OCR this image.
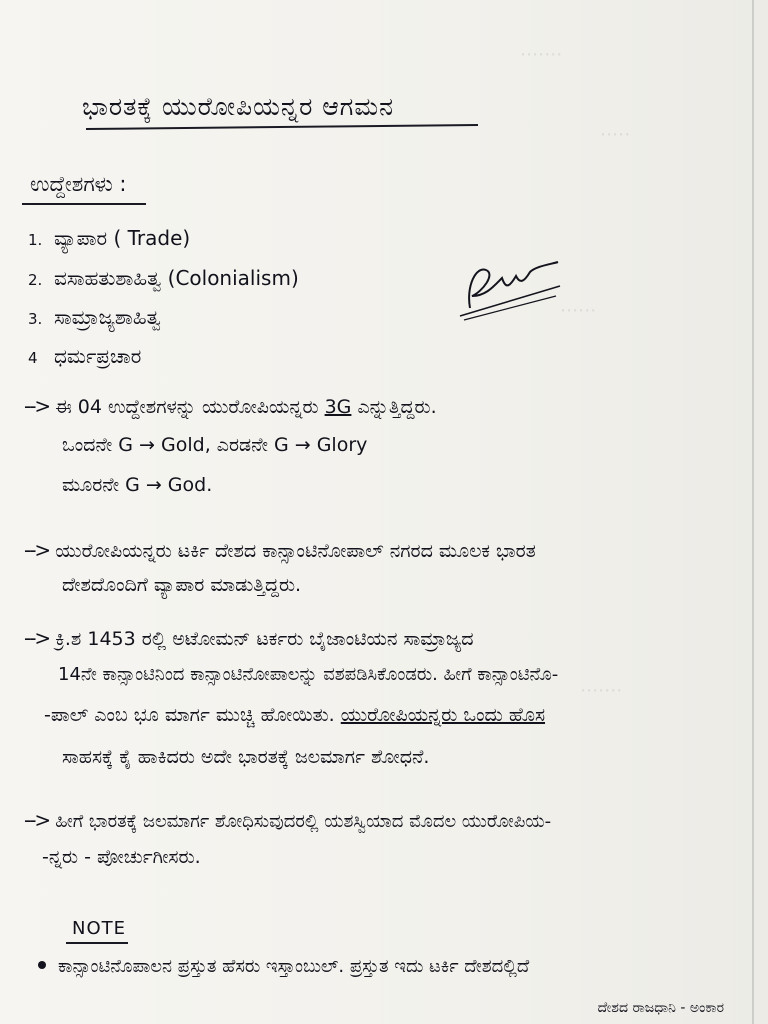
·······
·····
······
·······
ಭಾರತಕ್ಕೆ ಯುರೋಪಿಯನ್ನರ ಆಗಮನ
ಉದ್ದೇಶಗಳು :
1. ವ್ಯಾಪಾರ ( Trade)
2. ವಸಾಹತುಶಾಹಿತ್ವ (Colonialism)
3. ಸಾಮ್ರಾಜ್ಯಶಾಹಿತ್ವ
4 ಧರ್ಮಪ್ರಚಾರ
--> ಈ 04 ಉದ್ದೇಶಗಳನ್ನು ಯುರೋಪಿಯನ್ನರು 3G ಎನ್ನುತ್ತಿದ್ದರು.
ಒಂದನೇ G → Gold, ಎರಡನೇ G → Glory
ಮೂರನೇ G → God.
--> ಯುರೋಪಿಯನ್ನರು ಟರ್ಕಿ ದೇಶದ ಕಾನ್ಸಾಂಟಿನೋಪಾಲ್ ನಗರದ ಮೂಲಕ ಭಾರತ
ದೇಶದೊಂದಿಗೆ ವ್ಯಾಪಾರ ಮಾಡುತ್ತಿದ್ದರು.
--> ಕ್ರಿ.ಶ 1453 ರಲ್ಲಿ ಅಟೋಮನ್ ಟರ್ಕರು ಬೈಜಾಂಟಿಯನ ಸಾಮ್ರಾಜ್ಯದ
14ನೇ ಕಾನ್ಸಾಂಟಿನಿಂದ ಕಾನ್ಸಾಂಟಿನೋಪಾಲನ್ನು ವಶಪಡಿಸಿಕೊಂಡರು. ಹೀಗೆ ಕಾನ್ಸಾಂಟಿನೊ-
-ಪಾಲ್ ಎಂಬ ಭೂ ಮಾರ್ಗ ಮುಚ್ಚಿ ಹೋಯಿತು. ಯುರೋಪಿಯನ್ನರು ಒಂದು ಹೊಸ
ಸಾಹಸಕ್ಕೆ ಕೈ ಹಾಕಿದರು ಅದೇ ಭಾರತಕ್ಕೆ ಜಲಮಾರ್ಗ ಶೋಧನೆ.
--> ಹೀಗೆ ಭಾರತಕ್ಕೆ ಜಲಮಾರ್ಗ ಶೋಧಿಸುವುದರಲ್ಲಿ ಯಶಸ್ವಿಯಾದ ಮೊದಲ ಯುರೋಪಿಯ-
-ನ್ನರು - ಪೋರ್ಚುಗೀಸರು.
NOTE
ಕಾನ್ಸಾಂಟಿನೊಪಾಲನ ಪ್ರಸ್ತುತ ಹೆಸರು ಇಸ್ತಾಂಬುಲ್. ಪ್ರಸ್ತುತ ಇದು ಟರ್ಕಿ ದೇಶದಲ್ಲಿದೆ
ದೇಶದ ರಾಜಧಾನಿ - ಅಂಕಾರ
